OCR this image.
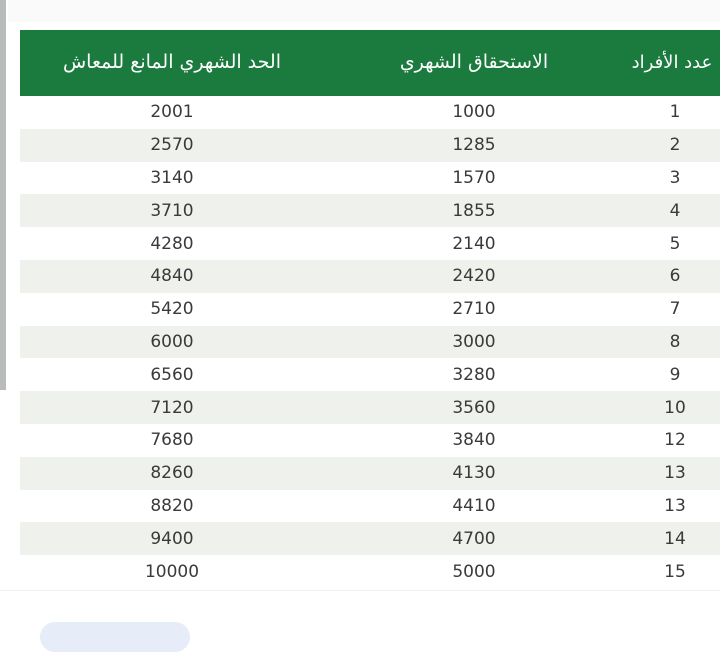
عدد الأفراد	الاستحقاق الشهري	الحد الشهري المانع للمعاش
1	1000	2001
2	1285	2570
3	1570	3140
4	1855	3710
5	2140	4280
6	2420	4840
7	2710	5420
8	3000	6000
9	3280	6560
10	3560	7120
12	3840	7680
13	4130	8260
13	4410	8820
14	4700	9400
15	5000	10000
